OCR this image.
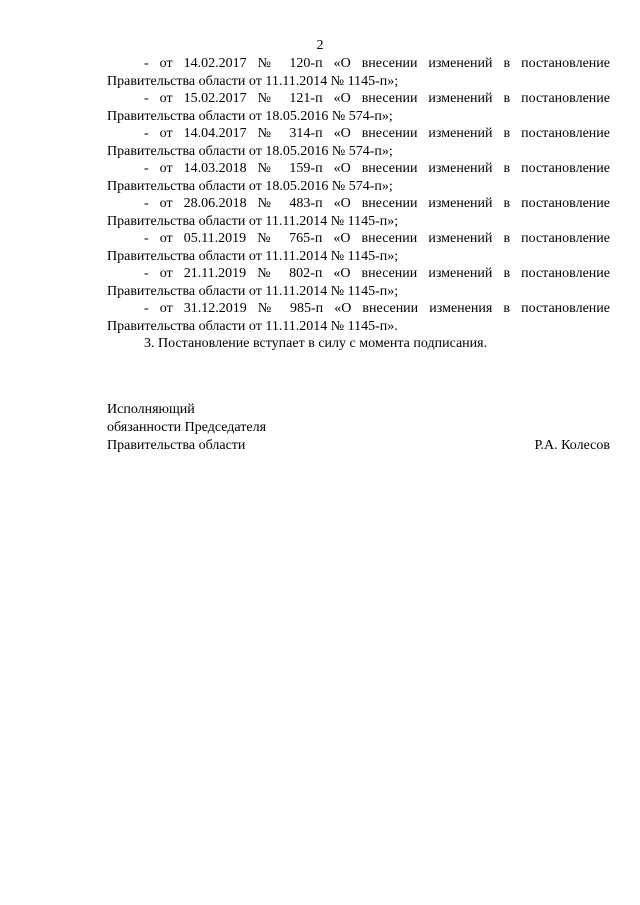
2
- от 14.02.2017 № 120-п «О внесении изменений в постановление
Правительства области от 11.11.2014 № 1145-п»;
- от 15.02.2017 № 121-п «О внесении изменений в постановление
Правительства области от 18.05.2016 № 574-п»;
- от 14.04.2017 № 314-п «О внесении изменений в постановление
Правительства области от 18.05.2016 № 574-п»;
- от 14.03.2018 № 159-п «О внесении изменений в постановление
Правительства области от 18.05.2016 № 574-п»;
- от 28.06.2018 № 483-п «О внесении изменений в постановление
Правительства области от 11.11.2014 № 1145-п»;
- от 05.11.2019 № 765-п «О внесении изменений в постановление
Правительства области от 11.11.2014 № 1145-п»;
- от 21.11.2019 № 802-п «О внесении изменений в постановление
Правительства области от 11.11.2014 № 1145-п»;
- от 31.12.2019 № 985-п «О внесении изменения в постановление
Правительства области от 11.11.2014 № 1145-п».

3. Постановление вступает в силу с момента подписания.

Исполняющий
обязанности Председателя
Правительства области	Р.А. Колесов
